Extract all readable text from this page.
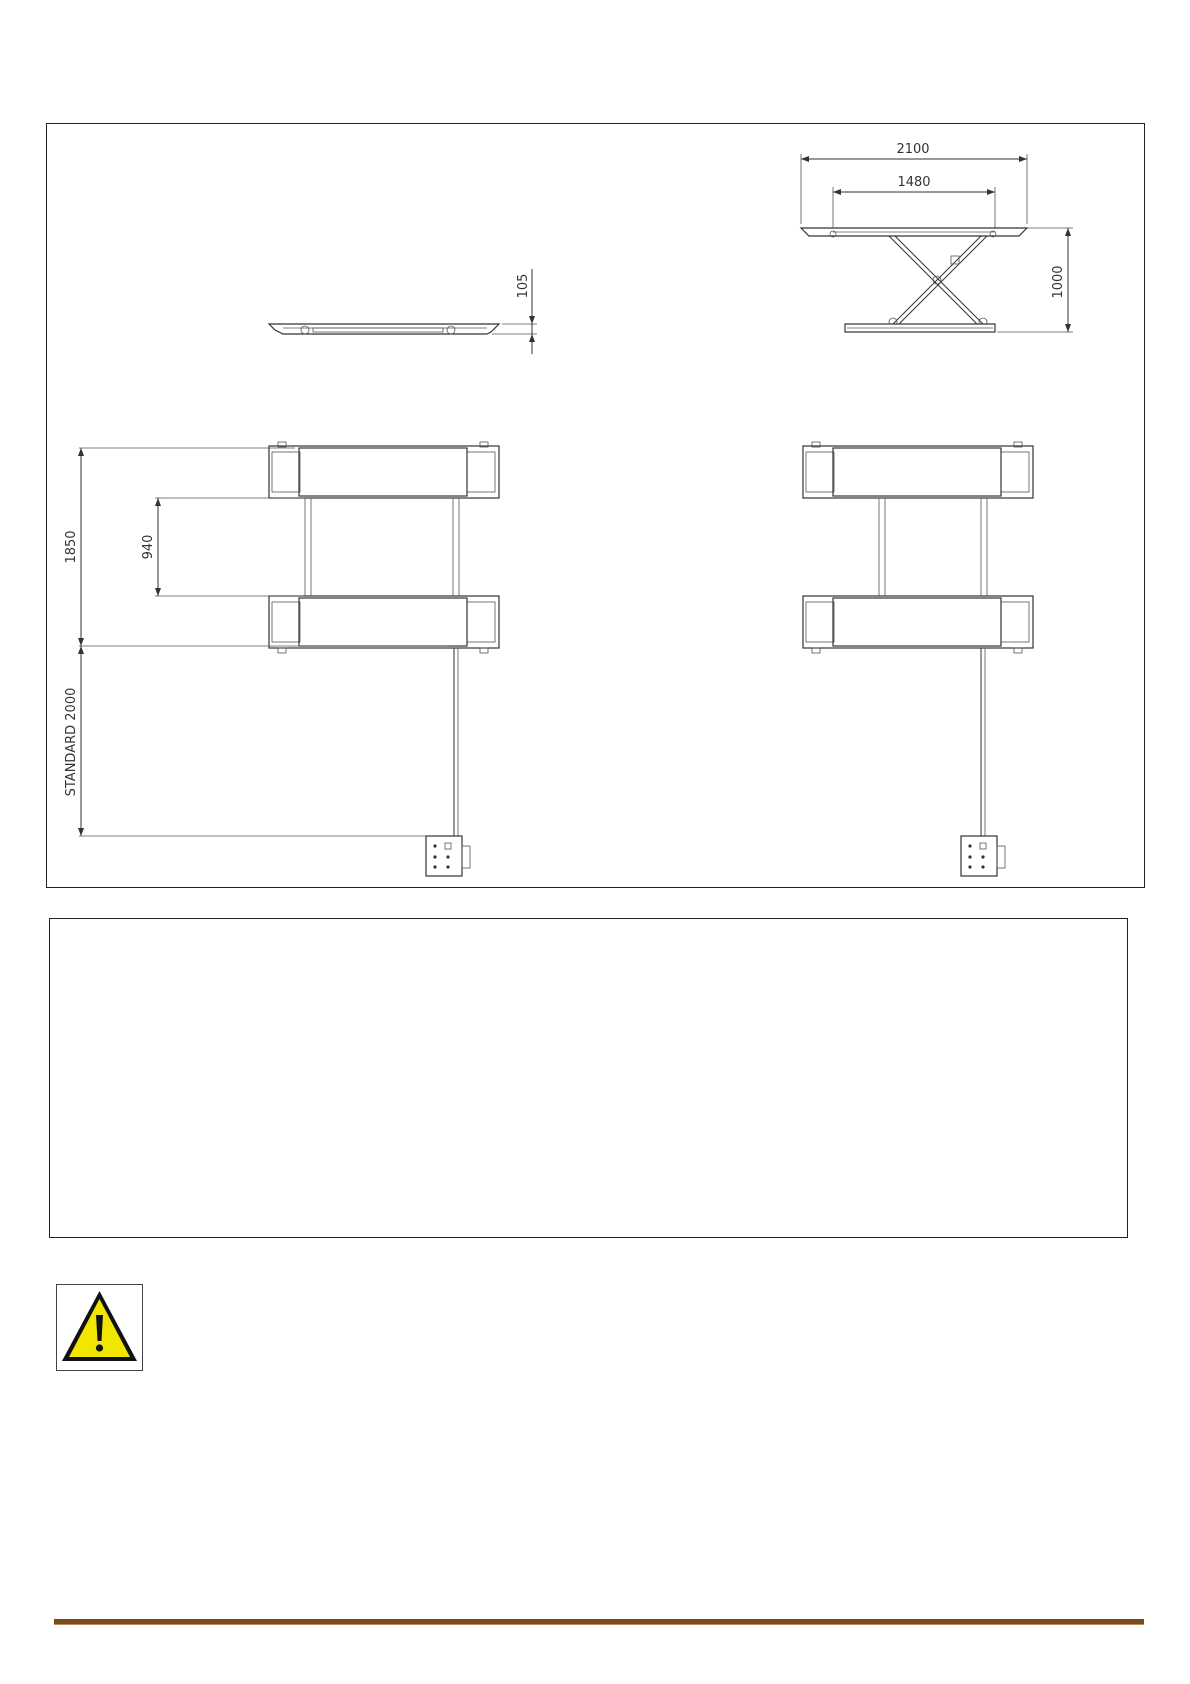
105
2100
1480
1000
1850	940
STANDARD 2000
